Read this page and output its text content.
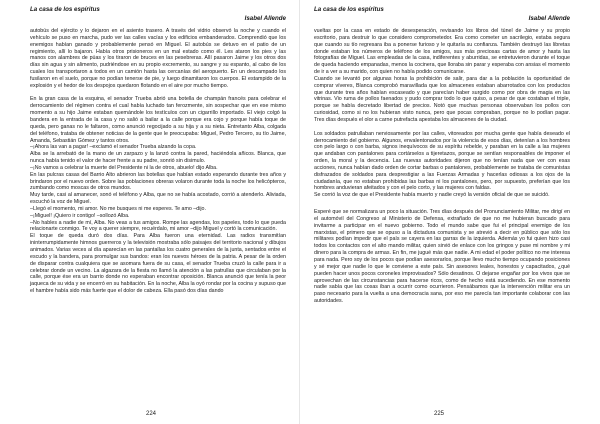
La casa de los espíritus
Isabel Allende

autobús del ejército y lo dejaron en el asiento trasero. A través del vidrio observó la noche y cuando el vehículo se puso en marcha, pudo ver las calles vacías y los edificios embanderados. Comprendió que los enemigos habían ganado y probablemente pensó en Miguel. El autobús se detuvo en el patio de un regimiento, allí lo bajaron. Había otros prisioneros en un mal estado como él. Les ataron los pies y las manos con alambres de púas y los tiraron de bruces en las pesebreras. Allí pasaron Jaime y los otros dos días sin agua y sin alimento, pudriéndose en su propio excremento, su sangre y su espanto, al cabo de los cuales los transportaron a todos en un camión hasta las cercanías del aeropuerto. En un descampado los fusilaron en el suelo, porque no podían tenerse de pie, y luego dinamitaron los cuerpos. El estampido de la explosión y el hedor de los despojos quedaron flotando en el aire por mucho tiempo.

En la gran casa de la esquina, el senador Trueba abrió una botella de champán francés para celebrar el derrocamiento del régimen contra el cual había luchado tan ferozmente, sin sospechar que en ese mismo momento a su hijo Jaime estaban quemándole los testículos con un cigarrillo importado. El viejo colgó la bandera en la entrada de la casa y no salió a bailar a la calle porque era cojo y porque había toque de queda, pero ganas no le faltaron, como anunció regocijado a su hija y a su nieta. Entretanto Alba, colgada del teléfono, trataba de obtener noticias de la gente que le preocupaba: Miguel, Pedro Tercero, su tío Jaime, Amanda, Sebastián Gómez y tantos otros.

–¡Ahora las van a pagar! –exclamó el senador Trueba alzando la copa.

Alba se la arrebató de la mano de un zarpazo y la lanzó contra la pared, haciéndola añicos. Blanca, que nunca había tenido el valor de hacer frente a su padre, sonrió sin disimulo.

–¡No vamos a celebrar la muerte del Presidente ni la de otros, abuelo! dijo Alba.

En las pulcras casas del Barrio Alto abrieron las botellas que habían estado esperando durante tres años y brindaron por el nuevo orden. Sobre las poblaciones obreras volaron durante toda la noche los helicópteros, zumbando como moscas de otros mundos.

Muy tarde, casi al amanecer, sonó el teléfono y Alba, que no se había acostado, corrió a atenderlo. Aliviada, escuchó la voz de Miguel.

–Llegó el momento, mi amor. No me busques ni me esperes. Te amo –dijo.

–¡Miguel! ¡Quiero ir contigo! –sollozó Alba.

–No hables a nadie de mí, Alba. No veas a tus amigos. Rompe las agendas, los papeles, todo lo que pueda relacionarte conmigo. Te voy a querer siempre, recuérdalo, mi amor –dijo Miguel y cortó la comunicación.

El toque de queda duró dos días. Para Alba fueron una eternidad. Las radios transmitían ininterrumpidamente himnos guerreros y la televisión mostraba sólo paisajes del territorio nacional y dibujos animados. Varias veces al día aparecían en las pantallas los cuatro generales de la junta, sentados entre el escudo y la bandera, para promulgar sus bandos: eran los nuevos héroes de la patria. A pesar de la orden de disparar contra cualquiera que se asomara fuera de su casa, el senador Trueba cruzó la calle para ir a celebrar donde un vecino. La algazara de la fiesta no llamó la atención a las patrullas que circulaban por la calle, porque ése era un barrio donde no esperaban encontrar oposición. Blanca anunció que tenía la peor jaqueca de su vida y se encerró en su habitación. En la noche, Alba la oyó rondar por la cocina y supuso que el hambre había sido más fuerte que el dolor de cabeza. Ella pasó dos días dando

224
La casa de los espíritus
Isabel Allende

vueltas por la casa en estado de desesperación, revisando los libros del túnel de Jaime y su propio escritorio, para destruir lo que considero comprometedor. Era como cometer un sacrilegio, estaba segura que cuando su tío regresara iba a ponerse furioso y le quitaría su confianza. También destruyó las libretas donde estaban los números de teléfono de los amigos, sus más preciosas cartas de amor y hasta las fotografías de Miguel. Las empleadas de la casa, indiferentes y aburridas, se entretuvieron durante el toque de queda haciendo empanadas, menos la cocinera, que lloraba sin parar y esperaba con ansias el momento de ir a ver a su marido, con quien no había podido comunicarse.

Cuando se levantó por algunas horas la prohibición de salir, para dar a la población la oportunidad de comprar víveres, Blanca comprobó maravillada que los almacenes estaban abarrotados con los productos que durante tres años habían escaseado y que parecían haber surgido como por obra de magia en las vitrinas. Vio ruma de pollos faenados y pudo comprar todo lo que quiso, a pesar de que costaban el triple, porque se había decretado libertad de precios. Notó que muchas personas observaban los pollos con curiosidad, como si no los hubieran visto nunca, pero que pocas compraban, porque no lo podían pagar. Tres días después el olor a carne putrefacta apestaba los almacenes de la ciudad.

Los soldados patrullaban nerviosamente por las calles, vitoreados por mucha gente que había deseado el derrocamiento del gobierno. Algunos, envalentonados por la violencia de esos días, detenían a los hombres con pelo largo o con barba, signos inequívocos de su espíritu rebelde, y paraban en la calle a las mujeres que andaban con pantalones para cortárselos a tijeretazos, porque se sentían responsables de imponer el orden, la moral y la decencia. Las nuevas autoridades dijeron que no tenían nada que ver con esas acciones, nunca habían dado orden de cortar barbas o pantalones, probablemente se trataba de comunistas disfrazados de soldados para desprestigiar a las Fuerzas Armadas y hacerlas odiosas a los ojos de la ciudadanía, que no estaban prohibidas las barbas ni los pantalones, pero, por supuesto, preferían que los hombres anduvieran afeitados y con el pelo corto, y las mujeres con faldas.

Se corrió la voz de que el Presidente había muerto y nadie creyó la versión oficial de que se suicidó.

Esperé que se normalizara un poco la situación. Tres días después del Pronunciamiento Militar, me dirigí en el automóvil del Congreso al Ministerio de Defensa, extrañado de que no me hubieran buscado para invitarme a participar en el nuevo gobierno. Todo el mundo sabe que fui el principal enemigo de los marxistas, el primero que se opuso a la dictadura comunista y se atrevió a decir en público que sólo los militares podían impedir que el país se cayera en las garras de la izquierda. Además yo fui quien hizo casi todos los contactos con el alto mando militar, quien sirvió de enlace con los gringos y puse mi nombre y mi dinero para la compra de armas. En fin, me jugué más que nadie. A mi edad el poder político no me interesa para nada. Pero soy de los pocos que podían asesorarlos, porque llevo mucho tiempo ocupando posiciones y sé mejor que nadie lo que le conviene a este país. Sin asesores leales, honestos y capacitados, ¿qué pueden hacer unos pocos coroneles improvisados? Sólo desatinos. O dejarse engañar por los vivos que se aprovechan de las circunstancias para hacerse ricos, como de hecho está sucediendo. En ese momento nadie sabía que las cosas iban a ocurrir como ocurrieron. Pensábamos que la intervención militar era un paso necesario para la vuelta a una democracia sana, por eso me parecía tan importante colaborar con las autoridades.

225
